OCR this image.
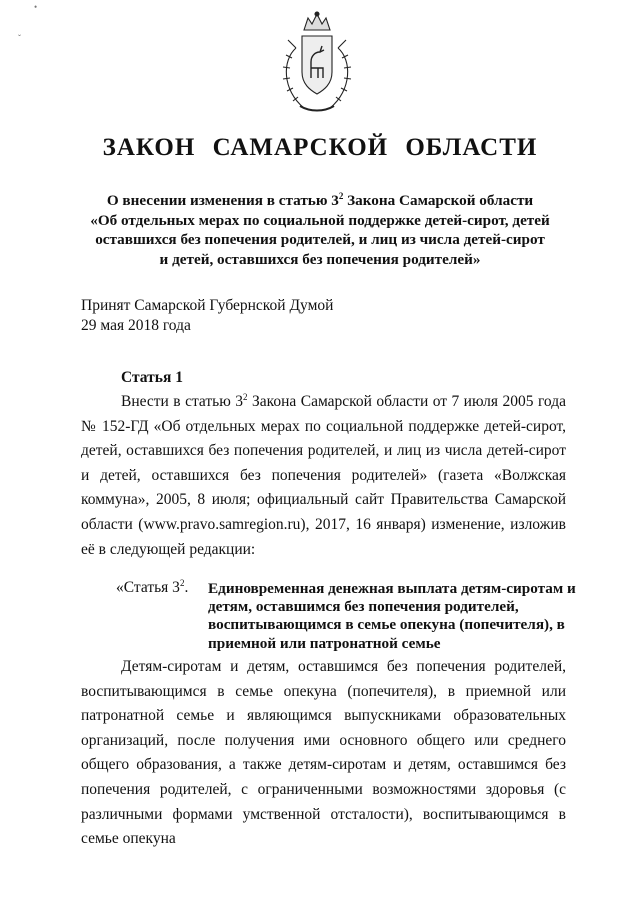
•
ˇ
ЗАКОН САМАРСКОЙ ОБЛАСТИ
О внесении изменения в статью $3^2$ Закона Самарской области
«Об отдельных мерах по социальной поддержке детей-сирот, детей
оставшихся без попечения родителей, и лиц из числа детей-сирот
и детей, оставшихся без попечения родителей»
Принят Самарской Губернской Думой
29 мая 2018 года
Статья 1
Внести в статью $3^2$ Закона Самарской области от 7 июля 2005 года № 152-ГД «Об отдельных мерах по социальной поддержке детей-сирот, детей, оставшихся без попечения родителей, и лиц из числа детей-сирот и детей, оставшихся без попечения родителей» (газета «Волжская коммуна», 2005, 8 июля; официальный сайт Правительства Самарской области (www.pravo.samregion.ru), 2017, 16 января) изменение, изложив её в следующей редакции:
«Статья $3^2$. Единовременная денежная выплата детям-сиротам и детям, оставшимся без попечения родителей, воспитывающимся в семье опекуна (попечителя), в приемной или патронатной семье
Детям-сиротам и детям, оставшимся без попечения родителей, воспитывающимся в семье опекуна (попечителя), в приемной или патронатной семье и являющимся выпускниками образовательных организаций, после получения ими основного общего или среднего общего образования, а также детям-сиротам и детям, оставшимся без попечения родителей, с ограниченными возможностями здоровья (с различными формами умственной отсталости), воспитывающимся в семье опекуна
